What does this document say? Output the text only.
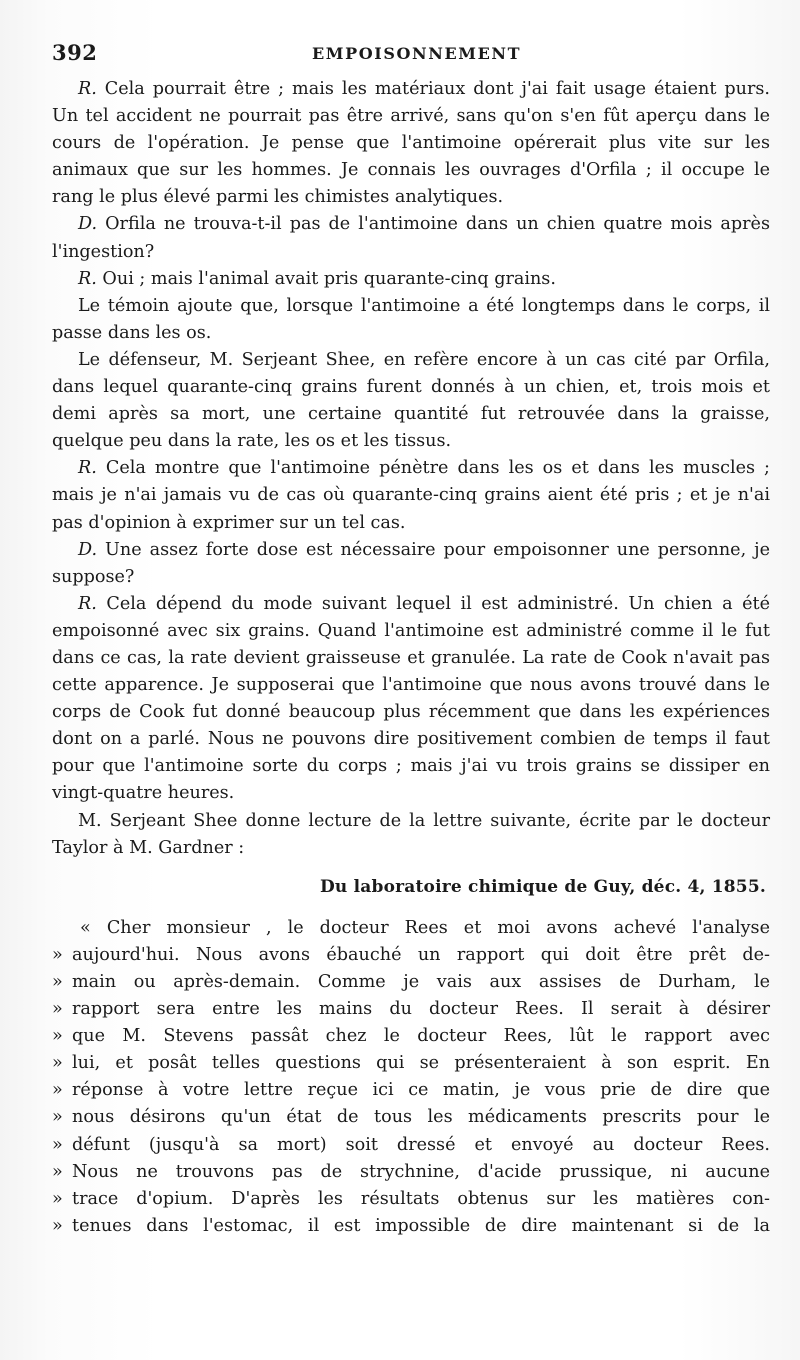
392	EMPOISONNEMENT

R. Cela pourrait être ; mais les matériaux dont j'ai fait usage étaient purs. Un tel accident ne pourrait pas être arrivé, sans qu'on s'en fût aperçu dans le cours de l'opération. Je pense que l'antimoine opérerait plus vite sur les animaux que sur les hommes. Je connais les ouvrages d'Orfila ; il occupe le rang le plus élevé parmi les chimistes analytiques.

D. Orfila ne trouva-t-il pas de l'antimoine dans un chien quatre mois après l'ingestion?

R. Oui ; mais l'animal avait pris quarante-cinq grains.

Le témoin ajoute que, lorsque l'antimoine a été longtemps dans le corps, il passe dans les os.

Le défenseur, M. Serjeant Shee, en refère encore à un cas cité par Orfila, dans lequel quarante-cinq grains furent donnés à un chien, et, trois mois et demi après sa mort, une certaine quantité fut retrouvée dans la graisse, quelque peu dans la rate, les os et les tissus.

R. Cela montre que l'antimoine pénètre dans les os et dans les muscles ; mais je n'ai jamais vu de cas où quarante-cinq grains aient été pris ; et je n'ai pas d'opinion à exprimer sur un tel cas.

D. Une assez forte dose est nécessaire pour empoisonner une personne, je suppose?

R. Cela dépend du mode suivant lequel il est administré. Un chien a été empoisonné avec six grains. Quand l'antimoine est administré comme il le fut dans ce cas, la rate devient graisseuse et granulée. La rate de Cook n'avait pas cette apparence. Je supposerai que l'antimoine que nous avons trouvé dans le corps de Cook fut donné beaucoup plus récemment que dans les expériences dont on a parlé. Nous ne pouvons dire positivement combien de temps il faut pour que l'antimoine sorte du corps ; mais j'ai vu trois grains se dissiper en vingt-quatre heures.

M. Serjeant Shee donne lecture de la lettre suivante, écrite par le docteur Taylor à M. Gardner :

Du laboratoire chimique de Guy, déc. 4, 1855.
« Cher monsieur , le docteur Rees et moi avons achevé l'analyse
» aujourd'hui. Nous avons ébauché un rapport qui doit être prêt de-
» main ou après-demain. Comme je vais aux assises de Durham, le
» rapport sera entre les mains du docteur Rees. Il serait à désirer
» que M. Stevens passât chez le docteur Rees, lût le rapport avec
» lui, et posât telles questions qui se présenteraient à son esprit. En
» réponse à votre lettre reçue ici ce matin, je vous prie de dire que
» nous désirons qu'un état de tous les médicaments prescrits pour le
» défunt (jusqu'à sa mort) soit dressé et envoyé au docteur Rees.
» Nous ne trouvons pas de strychnine, d'acide prussique, ni aucune
» trace d'opium. D'après les résultats obtenus sur les matières con-
» tenues dans l'estomac, il est impossible de dire maintenant si de la
